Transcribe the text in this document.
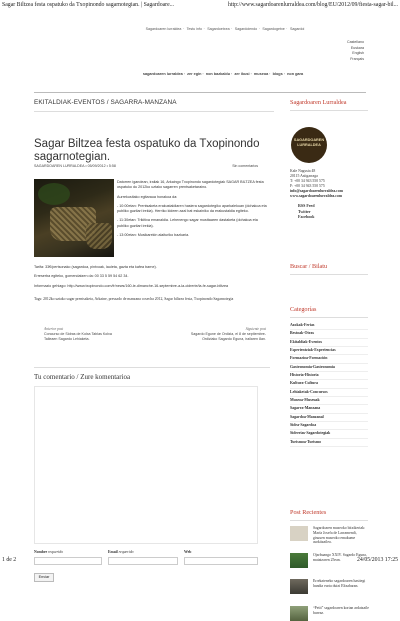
Sagar Biltzea festa ospatuko da Txopinondo sagarnotegian. | Sagardoare...	http://www.sagardoarenlurraldea.com/blog/EU/2012/09/fiesta-sagar-bil...
Sagardoaren lurraldea · Testu info · Sagardoetxea · Sagardoiendo · Sagardogetxe · Sagardoi
Castellano
Euskara
English
Français
sagardoaren lurraldea· zer egin· non bazkaldu· zer ikusi· museoa· blogs· non gara
EKITALDIAK-EVENTOS / SAGARRA-MANZANA
Sagar Biltzea festa ospatuko da Txopinondo sagarnotegian.
SAGARDOAREN LURRALDEA • 05/09/2012 • 5:58	Sin comentarios

Datorren igandean, irailak 16, Arkaingo Txopinondo sagardotegiak SAGAR BILTZEA festa ospatuko du 2012ko uztako sagarren prentsaketaraino.

Aurrekusitako egitaraua honakoa da:

- 10:00etan: Prentsaketa erakustaldiaren hasiera sagardotegiko aparkalekuan (dohakoa eta publiko guztiari irekia). Herriko kideen azal bat eskainiko da erakustaldia egiteko.

- 11:30etan: Trikitixa emanaldia. Lehenengo sagar musttaaren dastaketa (dohakoa eta publiko guztiari irekia).

- 13:00etan: Musikarekin alaituriko bazkaria.

Tarifa: 33€/pertsonako (sagardoa, pintxoak, lauleta, gazta eta kafea barne).

Erreserba egiteko, gomendatzen da: 00 33 5 59 54 62 34.

Informazio gehiago: http://www.txopinondo.com/fr/news/160-le-dimanche-16-septembre-a-la-cidrerie/la-fe-sagar-biltzea

Tags: 2012ko uztako sagar prentsaketa, Arkaine, pressado de manzana cosecha 2012, Sagar biltzea festa, Txopinondo Sagarnotegia
Anterior post
Concurso de Sidras de Kolxa Tablas Kolxa Talleaen Sagardo Lehiaketa.
Siguiente post
Sagardo Egune de Ordizia, el 8 de septiembre-Ordiziako Sagardo Eguna, irailaren 8an.
Tu comentario / Zure komentarioa
Nombre requerido	Email requerido	Web
Enviar
Sagardoaren Lurraldea
SAGARDOAREN LURRALDEA
Kale Nagusia 48
20115 Astigarraga
T: +00 34 943 550 575
F: +00 34 943 550 575
info@sagardoarenlurraldea.com
www.sagardoarenlurraldea.com
RSS Feed
Twitter
Facebook
Buscar / Bilatu
Categorías
Azokak-Ferias
Bestoak-Otras
Ekitaldiak-Eventos
Esperientziak-Experiencias
Formazioa-Formación
Gastronomia-Gastronomía
Historia-Historia
Kultura-Cultura
Lehiaketak-Concursos
Museoa-Museuak
Sagarra-Manzana
Sagardoa-Manzanal
Sidra-Sagardoa
Sidrerias-Sagardotegiak
Turismoa-Turismo
Post Recientes
Sagardoaren museoko bitxikeriak: María Josefa de Larramendi, gisuuen museoko emakume aurkitzailea.
Ojarbuango XXIV. Sagardo Eguna, maiatzaren 25ean.
Errekateneko sagardoaren hasitegi handia eurta duizi Eltzabaran.
“Petit” sagardoaren kortan ardatzaile bureaz.
1 de 2	24/05/2013 17:25
